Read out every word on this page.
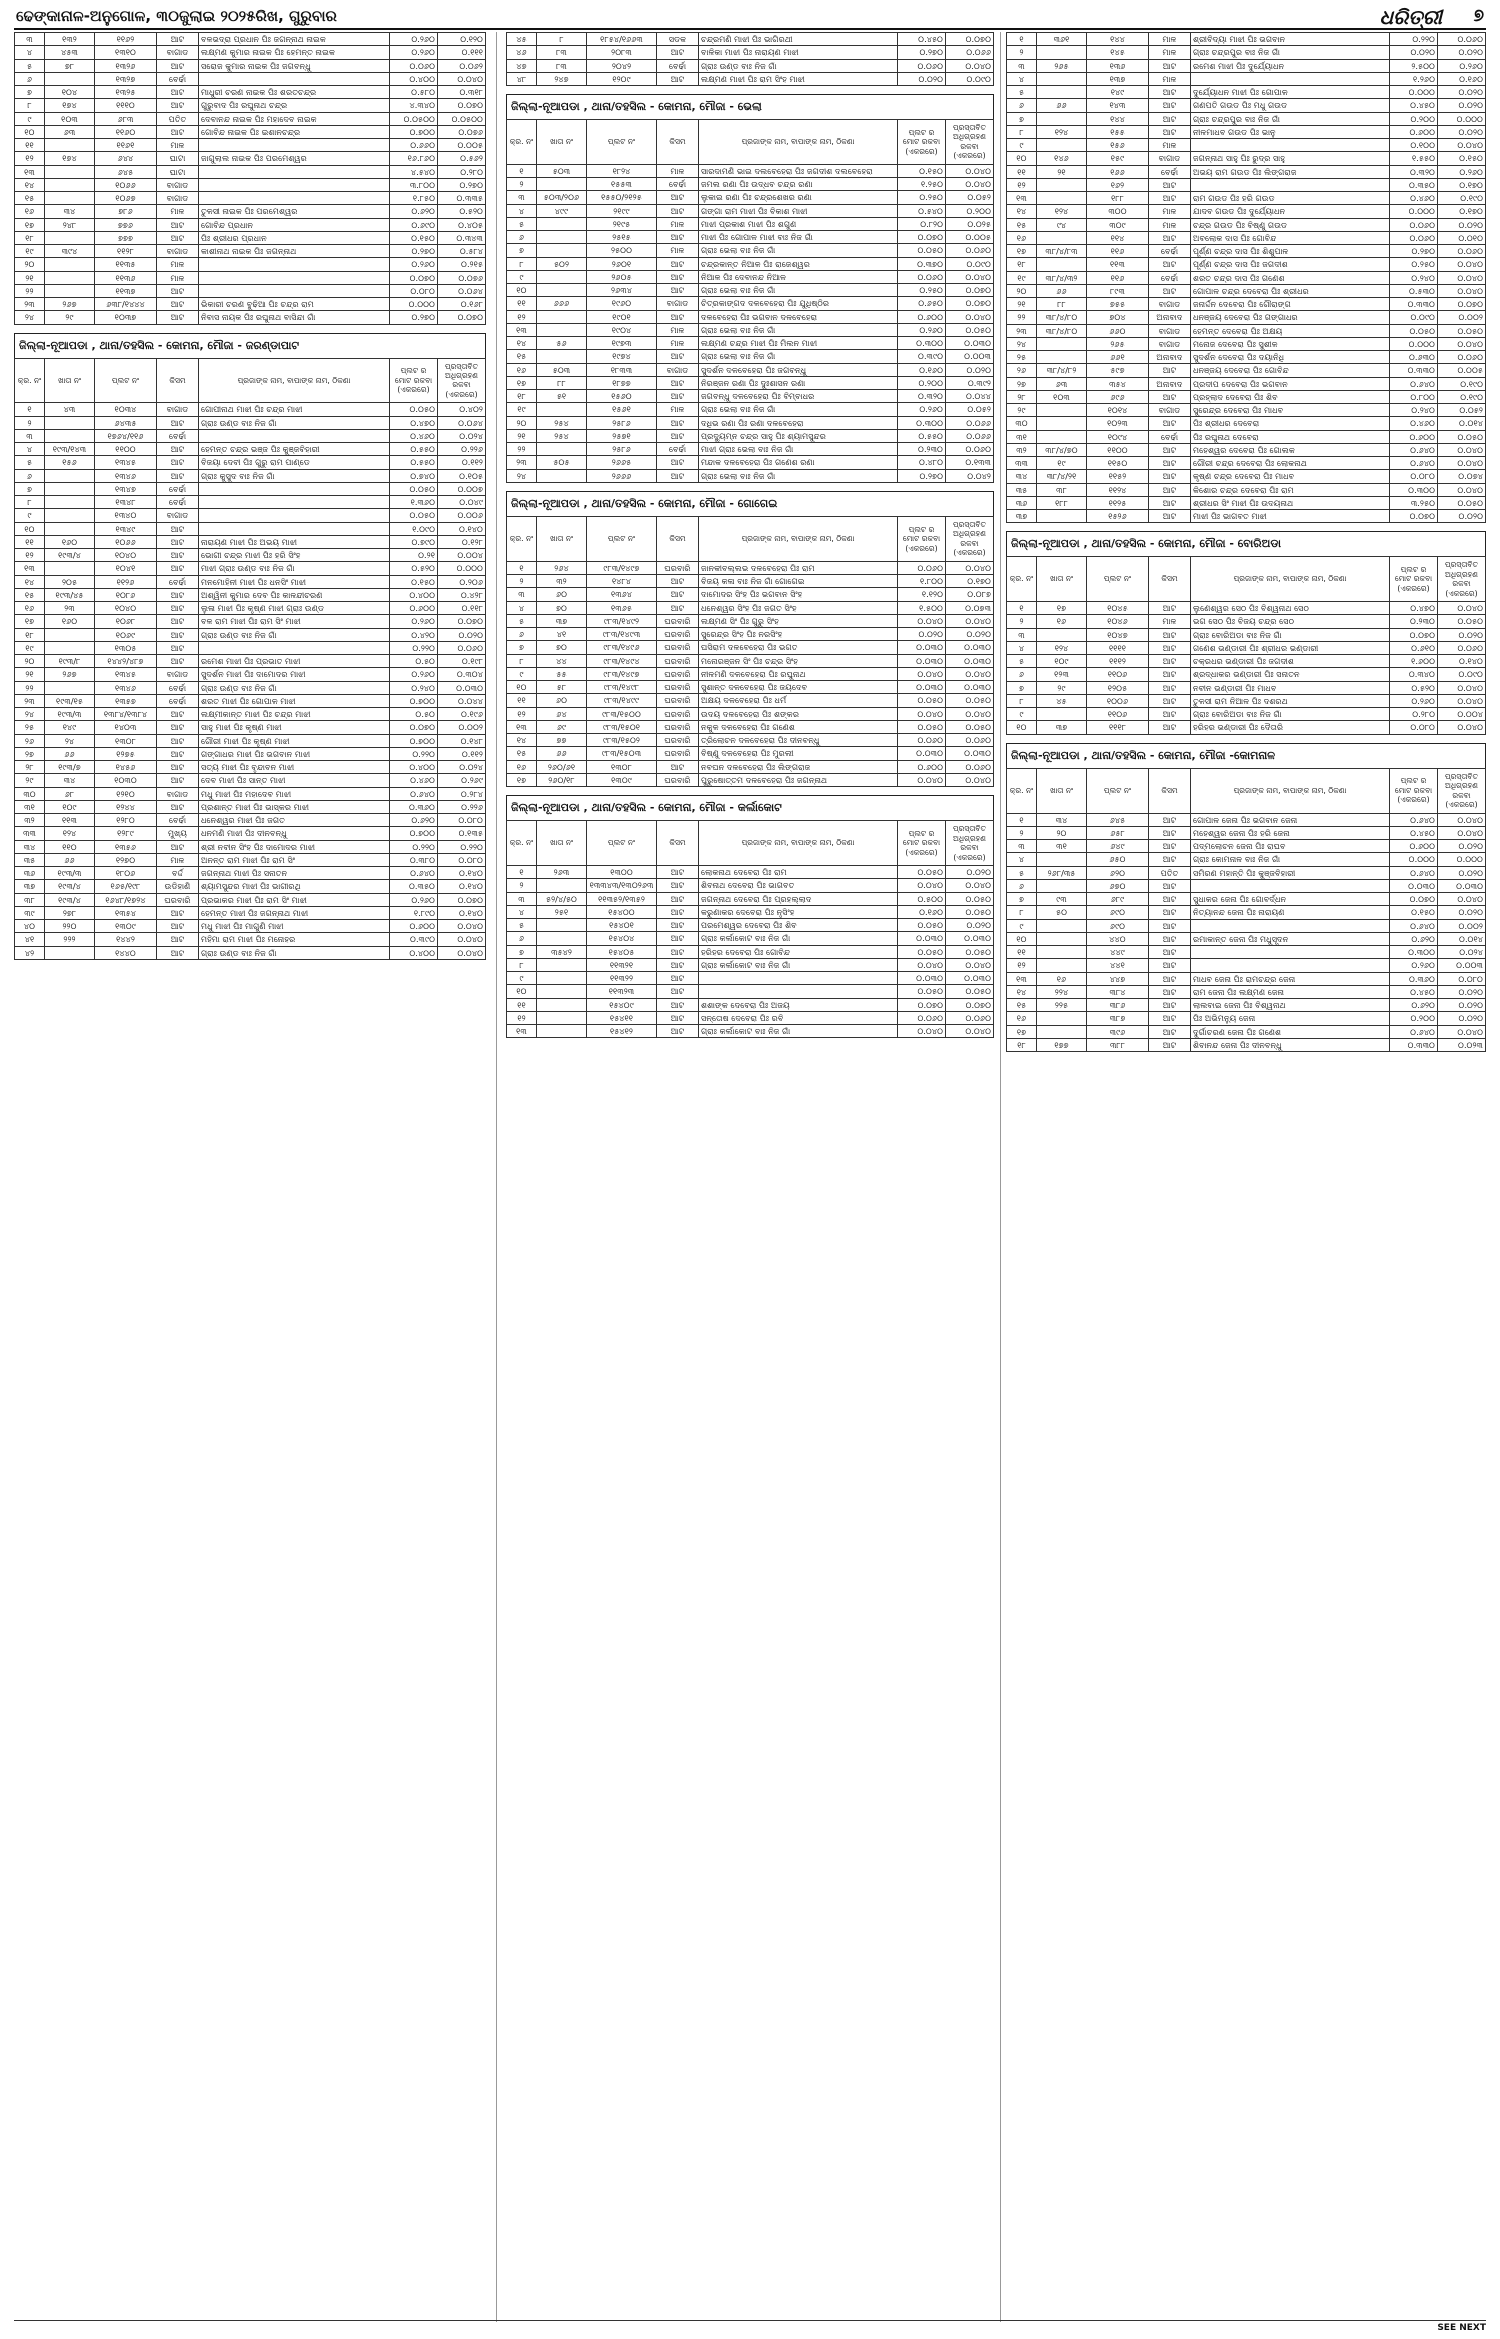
ଢେଙ୍କାନାଳ-ଅନୁଗୋଳ, ୩୦ଜୁଲାଇ ୨୦୨୫ରିଖ, ଗୁରୁବାର	ଧରିତ୍ରୀ ୭
୩	୧୩୨	୧୧୬୨	ଆଟ	ବଳଭଦ୍ରା ପ୍ରଧାନ ପିଃ ଜଗନ୍ନାଥ ନାଇକ	୦.୨୬୦	୦.୧୨୦
୪	୪୫୩	୧୩୧୦	ବାଗାଡ	ଲକ୍ଷ୍ମଣ କୁମାର ନାଇକ ପିଃ ହେମନ୍ତ ନାଇକ	୦.୨୬୦	୦.୧୧୧
୫	୭୮	୧୩୨୬	ଆଟ	ସରୋଜ କୁମାର ନାଇକ ପିଃ ଜଗବନ୍ଧୁ	୦.୦୬୦	୦.୦୬୨
୬		୧୩୨୭	ବେର୍ଢା		୦.୪୦୦	୦.୦୪୦
୭	୧୦୪	୧୩୨୫	ଆଟ	ମାଧୁରୀ ଚରଣ ନାଇକ ପିଃ ଶରତଚନ୍ଦ୍ର	୦.୫୮୦	୦.୩୧୮
୮	୧୭୪	୧୧୧୦	ଆଟ	ଗୁରୁବାଦ ପିଃ ରଘୁନାଥ ଚନ୍ଦ୍ର	୪.୩୪୦	୦.୦୭୦
୯	୧୦୩	୬୮୩	ପତିତ	ଦେବାନନ୍ଦ ନାଇକ ପିଃ ମହାଦେବ ନାଇକ	୦.୦୫୦୦	୦.୦୫୦୦
୧୦	୬୩	୧୧୬୦	ଆଟ	ଗୋବିନ୍ଦ ନାଇକ ପିଃ ଇଶାନଚନ୍ଦ୍ର	୦.୭୦୦	୦.୦୭୬
୧୧		୧୧୬୧	ମାଳ		୦.୬୬୦	୦.୦୦୫
୧୨	୧୭୪	୬୪୪	ଘାଟା	ଜାଗୁଲାଲ ନାଇକ ପିଃ ପରମେଶ୍ୱର	୧୬.୮୬୦	୦.୫୬୨
୧୩		୬୪୫	ଘାଟା		୪.୫୪୦	୦.୨୮୦
୧୪		୧୦୬୬	ବାଗାଡ		୩.୮୦୦	୦.୨୭୦
୧୫		୧୦୬୭	ବାଗାଡ		୧.୮୫୦	୦.୩୩୫
୧୬	୩୪	୭୮୬	ମାଳ	ତୁଳସୀ ନାଇକ ପିଃ ପରମେଶ୍ୱର	୦.୬୨୦	୦.୫୨୦
୧୭	୨୪୮	୭୭୬	ଆଟ	ଗୋବିନ୍ଦ ପ୍ରଧାନ	୦.୬୯୦	୦.୪୦୫
୧୮		୭୭୭	ଆଟ	ପିଃ ଶ୍ରୀଧର ପ୍ରଧାନ	୦.୧୫୦	୦.୩୪୩
୧୯	୩୯୪	୧୧୨୮	ବାଗାଡ	କାଶୀନାଥ ନାଇକ ପିଃ ଜଗନ୍ନାଥ	୦.୨୭୦	୦.୫୮୪
୨୦		୧୧୩୫	ମାଳ		୦.୨୬୦	୦.୨୧୫
୨୧		୧୧୩୬	ମାଳ		୦.୦୭୦	୦.୦୭୬
୨୨		୧୧୩୭	ଆଟ		୦.୦୮୦	୦.୦୬୪
୨୩	୨୬୭	୬୩୮/୧୪୪୪	ଆଟ	ଭିକାରୀ ଚରଣ ବୁଢିଆ ପିଃ ଚନ୍ଦ୍ର ରାମ	୦.୦୦୦	୦.୧୬୮
୨୪	୨୯	୧୦୩୭	ଆଟ	ନିବାସ ନାୟକ ପିଃ ରଘୁନାଥ ବାସିନ୍ଦା ଗାଁ	୦.୨୭୦	୦.୦୭୦
ଜିଲ୍ଲା-ନୂଆପଡା , ଥାନା/ତହସିଲ - କୋମନା, ମୌଜା - ଜରଣ୍ଡାପାଟ
କ୍ର. ନଂ	ଖାତା ନଂ	ପ୍ଲଟ ନଂ	କିସମ	ପ୍ରଜାଙ୍କ ନାମ, ବାପାଙ୍କ ନାମ, ଠିକଣା	ପ୍ଲଟ ର ମୋଟ ରକବା (ଏକରରେ)	ପ୍ରସ୍ତାବିତ ଅଧିଗ୍ରହଣ ରକବା (ଏକରରେ)
୧	୪୩	୧୦୩୪	ବାଗାଡ	ଗୋପୀନାଥ ମାଝୀ ପିଃ ଚନ୍ଦ୍ର ମାଝୀ	୦.୦୫୦	୦.୪୦୨
୨		୬୪୩୫	ଆଟ	ଗ୍ରାଃ ଉଣ୍ଡ ବାଃ ନିଜ ଗାଁ	୦.୪୭୦	୦.୦୬୪
୩		୧୭୬୪/୧୧୬	ବେର୍ଢା		୦.୪୬୦	୦.୦୨୪
୪	୧୯୩/୧୪୩	୧୧୦୦	ଆଟ	ହେମନ୍ତ ଚନ୍ଦ୍ର ଭଞ୍ଜ ପିଃ କୁଞ୍ଜବିହାରୀ	୦.୫୫୦	୦.୨୨୬
୫	୧୫୬	୧୩୪୫	ଆଟ	ବିଜୟା ଦେବୀ ପିଃ ଗୁରୁ ରାମ ପାଣ୍ଡେ	୦.୫୫୦	୦.୧୧୨
୬		୧୩୪୬	ଆଟ	ଗ୍ରାଃ କୁସୁଦ ବାଃ ନିଜ ଗାଁ	୦.୭୪୦	୦.୧୦୫
୭		୧୩୪୭	ବେର୍ଢା		୦.୦୫୦	୦.୦୦୭
୮		୧୩୪୮	ବେର୍ଢା		୧.୩୬୦	୦.୦୪୯
୯		୧୩୪୦	ବାଗାଡ		୦.୦୫୦	୦.୦୦୬
୧୦		୧୩୪୯	ଆଟ		୧.୦୯୦	୦.୧୪୦
୧୧	୧୬୦	୧୦୬୬	ଆଟ	ନାରାୟଣ ମାଝୀ ପିଃ ଅଭୟ ମାଝୀ	୦.୭୯୦	୦.୧୨୮
୧୨	୧୯୩/୪	୧୦୪୦	ଆଟ	ଭୋଗୀ ଚନ୍ଦ୍ର ମାଝୀ ପିଃ ହରି ସିଂହ	୦.୨୧	୦.୦୦୪
୧୩		୧୦୪୧	ଆଟ	ମାଝୀ ଗ୍ରାଃ ଉଣ୍ଡ ବାଃ ନିଜ ଗାଁ	୦.୫୨୦	୦.୦୦୦
୧୪	୨୦୫	୧୧୨୬	ବେର୍ଢା	ମନମୋହିନୀ ମାଝୀ ପିଃ ଧନସିଂ ମାଝୀ	୦.୧୫୦	୦.୨୦୬
୧୫	୧୯୩/୪୫	୧୦୮୬	ଆଟ	ଅଶ୍ୱିନୀ କୁମାର ଦେବ ପିଃ କାଳନ୍ଦୀଚରଣ	୦.୪୦୦	୦.୪୨୮
୧୬	୨୩	୧୦୪୦	ଆଟ	ଲୁଳା ମାଝୀ ପିଃ କୃଷ୍ଣ ମାଝୀ ଗ୍ରାଃ ଉଣ୍ଡ	୦.୬୦୦	୦.୧୧୮
୧୭	୧୬୦	୧୦୬୮	ଆଟ	ବଳ ରାମ ମାଝୀ ପିଃ ରାମ ସିଂ ମାଝୀ	୦.୨୬୦	୦.୦୭୦
୧୮		୧୦୬୯	ଆଟ	ଗ୍ରାଃ ଉଣ୍ଡ ବାଃ ନିଜ ଗାଁ	୦.୪୨୦	୦.୦୨୦
୧୯		୧୩୦୫	ଆଟ		୦.୨୨୦	୦.୦୬୦
୨୦	୧୯୩/୮	୧୪୪୨/୪୮୭	ଆଟ	ରମେଶ ମାଝୀ ପିଃ ପ୍ରଭାତ ମାଝୀ	୦.୫୦	୦.୧୯୮
୨୧	୨୬୭	୧୩୪୫	ବାଗାଡ	ସୁଦର୍ଶନ ମାଝୀ ପିଃ ଦାମୋଦର ମାଝୀ	୦.୨୬୦	୦.୩୦୪
୨୨		୧୩୪୬	ବେର୍ଢା	ଗ୍ରାଃ ଉଣ୍ଡ ବାଃ ନିଜ ଗାଁ	୦.୨୪୦	୦.୦୩୦
୨୩	୧୯୩/୧୫	୧୩୫୭	ବେର୍ଢା	ଶରତ ମାଝୀ ପିଃ ଗୋପାଳ ମାଝୀ	୦.୭୦୦	୦.୦୪୪
୨୪	୧୯୩/୩	୧୩୮୪/୧୩୮୪	ଆଟ	ଲକ୍ଷ୍ମୀକାନ୍ତ ମାଝୀ ପିଃ ଚନ୍ଦ୍ର ମାଝୀ	୦.୫୦	୦.୧୯୬
୨୫	୧୪୯	୧୪୦୩	ଆଟ	ସାହୁ ମାଝୀ ପିଃ କୃଷ୍ଣ ମାଝୀ	୦.୦୭୦	୦.୦୦୨
୨୬	୨୪	୧୩୦୮	ଆଟ	ଗୌରୀ ମାଝୀ ପିଃ କୃଷ୍ଣ ମାଝୀ	୦.୭୦୦	୦.୧୪୮
୨୭	୬୬	୧୨୭୫	ଆଟ	ଗଙ୍ଗାଧର ମାଝୀ ପିଃ ଭଗବାନ ମାଝୀ	୦.୨୨୦	୦.୧୧୨
୨୮	୧୯୩/୭	୧୪୫୬	ଆଟ	ସତ୍ୟ ମାଝୀ ପିଃ ବୃନ୍ଦାବନ ମାଝୀ	୦.୪୦୦	୦.୦୨୪
୨୯	୩୪	୧୦୩୦	ଆଟ	ଦେବ ମାଝୀ ପିଃ ସାନ୍ତ ମାଝୀ	୦.୪୬୦	୦.୨୬୯
୩୦	୬୮	୧୨୧୦	ବାଗାଡ	ମଧୁ ମାଝୀ ପିଃ ମହାଦେବ ମାଝୀ	୦.୬୪୦	୦.୨୮୪
୩୧	୧୦୯	୧୨୪୪	ଆଟ	ପ୍ରଶାନ୍ତ ମାଝୀ ପିଃ ଭାସ୍କର ମାଝୀ	୦.୩୬୦	୦.୨୨୬
୩୨	୧୧୩	୧୨୮୦	ବେର୍ଢା	ଧନେଶ୍ୱର ମାଝୀ ପିଃ ଜଗତ	୦.୬୨୦	୦.୦୮୦
୩୩	୧୨୪	୧୨୮୯	ମୁଖ୍ୟ	ଧନମଣି ମାଝୀ ପିଃ ଦୀନବନ୍ଧୁ	୦.୭୦୦	୦.୧୩୫
୩୪	୧୧୦	୧୩୫୬	ଆଟ	ଶ୍ରୀ ନବୀନ ସିଂହ ପିଃ ଦାମୋଦର ମାଝୀ	୦.୨୨୦	୦.୨୨୦
୩୫	୬୬	୧୨୭୦	ମାଳ	ଅନନ୍ତ ରାମ ମାଝୀ ପିଃ ରାମ ସିଂ	୦.୩୮୦	୦.୦୮୦
୩୬	୧୯୩/୩	୧୮୦୬	ବର୍ଦ୍ଦ	ଜଗନ୍ନାଥ ମାଝୀ ପିଃ ସନାତନ	୦.୬୪୦	୦.୧୪୦
୩୭	୧୯୩/୪	୧୬୫/୧୯୮	ଉଡିହାଣି	ଶ୍ୟାମସୁନ୍ଦର ମାଝୀ ପିଃ ଭାଗୀରଥି	୦.୩୫୦	୦.୧୪୦
୩୮	୧୯୩/୪	୧୬୪୮/୧୭୨୪	ଘରବାରି	ପ୍ରଭାକର ମାଝୀ ପିଃ ରାମ ସିଂ ମାଝୀ	୦.୨୬୦	୦.୦୭୦
୩୯	୨୭୮	୧୩୫୪	ଆଟ	ହେମନ୍ତ ମାଝୀ ପିଃ ଜଗନ୍ନାଥ ମାଝୀ	୧.୮୯୦	୦.୧୪୦
୪୦	୨୨୦	୧୩୦୯	ଆଟ	ମଧୁ ମାଝୀ ପିଃ ମାଗୁଣି ମାଝୀ	୦.୬୦୦	୦.୦୪୦
୪୧	୨୨୨	୧୪୪୨	ଆଟ	ମହିମା ରାମ ମାଝୀ ପିଃ ମନୋହର	୦.୩୯୦	୦.୦୪୦
୪୨		୧୪୪୦	ଆଟ	ଗ୍ରାଃ ଉଣ୍ଡ ବାଃ ନିଜ ଗାଁ	୦.୪୦୦	୦.୦୪୦
୪୫	୮	୧୮୫୪/୧୬୬୩	ସଡକ	ଚନ୍ଦ୍ରମଣି ମାଝୀ ପିଃ ଭାଗିରଥୀ	୦.୪୫୦	୦.୦୭୦
୪୬	୮୩	୨୦୮୩	ଆଟ	ବାଳିକା ମାଝୀ ପିଃ ନାରାୟଣ ମାଝୀ	୦.୨୭୦	୦.୦୬୬
୪୭	୮୩	୨୦୪୨	ବେର୍ଢା	ଗ୍ରାଃ ଉଣ୍ଡ ବାଃ ନିଜ ଗାଁ	୦.୦୬୦	୦.୦୪୦
୪୮	୨୪୭	୧୨୦୯	ଆଟ	ଲକ୍ଷ୍ମଣ ମାଝୀ ପିଃ ରାମ ସିଂହ ମାଝୀ	୦.୦୨୦	୦.୦୯୦
ଜିଲ୍ଲା-ନୂଆପଡା , ଥାନା/ତହସିଲ - କୋମନା, ମୌଜା - ଭେଲା
କ୍ର. ନଂ	ଖାତା ନଂ	ପ୍ଲଟ ନଂ	କିସମ	ପ୍ରଜାଙ୍କ ନାମ, ବାପାଙ୍କ ନାମ, ଠିକଣା	ପ୍ଲଟ ର ମୋଟ ରକବା (ଏକରରେ)	ପ୍ରସ୍ତାବିତ ଅଧିଗ୍ରହଣ ରକବା (ଏକରରେ)
୧	୫୦୩	୧୮୨୪	ମାଳ	ସାରଦାମଣି ଭାଇ ଦଲବେହେରା ପିଃ ଜଗଦୀଶ ଦଲବେହେରା	୦.୧୫୦	୦.୦୪୦
୨		୧୫୫୩	ବେର୍ଢା	ଜମଲ ରଣା ପିଃ ଉଦ୍ଧବ ଚନ୍ଦ୍ର ରଣା	୧.୨୫୦	୦.୦୪୦
୩	୫୦୩/୨୦୬	୧୫୫୦/୨୧୨୫	ଆଟ	ଲୁକାଇ ରଣା ପିଃ ଚନ୍ଦ୍ରଶେଖର ରଣା	୦.୨୫୦	୦.୦୫୨
୪	୪୯୯	୨୧୯୯	ଆଟ	ଗଙ୍ଗା ରାମ ମାଝୀ ପିଃ ବିକାଶ ମାଝୀ	୦.୫୪୦	୦.୨୦୦
୫		୨୧୯୫	ମାଳ	ମାଝୀ ପ୍ରକାଶ ମାଝୀ ପିଃ ଶଗୁଣ	୦.୮୨୦	୦.୦୨୫
୬		୨୫୧୫	ଆଟ	ମାଝୀ ପିଃ ଗୋପାଳ ମାଝୀ ବାଃ ନିଜ ଗାଁ	୦.୦୭୦	୦.୦୦୫
୭		୨୫୦୦	ମାଳ	ଗ୍ରାଃ ଭେଲା ବାଃ ନିଜ ଗାଁ	୦.୦୫୦	୦.୦୬୦
୮	୫୦୨	୨୬୦୧	ଆଟ	ଚନ୍ଦ୍ରକାନ୍ତ ନିଆଳ ପିଃ ରାଜେଶ୍ୱର	୦.୩୭୦	୦.୦୯୦
୯		୨୬୦୫	ଆଟ	ନିଆଳ ପିଃ ଦେବାନନ୍ଦ ନିଆଳ	୦.୦୬୦	୦.୦୪୦
୧୦		୨୬୩୪	ଆଟ	ଗ୍ରାଃ ଭେଲା ବାଃ ନିଜ ଗାଁ	୦.୨୫୦	୦.୦୭୦
୧୧	୬୬୬	୧୯୬୦	ବାଗାଡ	ଚିତ୍ରକାଙ୍ଗଦ ଦଳବେହେରା ପିଃ ଯୁଧିଷ୍ଠିର	୦.୬୫୦	୦.୦୭୦
୧୨		୧୯୦୧	ଆଟ	ଦଳବେହେରା ପିଃ ଭଗବାନ ଦଳବେହେରା	୦.୬୦୦	୦.୦୪୦
୧୩		୧୯୦୪	ମାଳ	ଗ୍ରାଃ ଭେଲା ବାଃ ନିଜ ଗାଁ	୦.୨୬୦	୦.୦୫୦
୧୪	୫୬	୧୯୭୩	ମାଳ	ଲକ୍ଷ୍ମଣ ଚନ୍ଦ୍ର ମାଝୀ ପିଃ ମିଲନ ମାଝୀ	୦.୩୦୦	୦.୦୩୦
୧୫		୧୯୭୪	ଆଟ	ଗ୍ରାଃ ଭେଲା ବାଃ ନିଜ ଗାଁ	୦.୩୯୦	୦.୦୦୩
୧୬	୫୦୩	୧୮୩୩	ବାଗାଡ	ସୁଦର୍ଶନ ଦଳବେହେରା ପିଃ ଜଗବନ୍ଧୁ	୦.୧୬୦	୦.୦୨୦
୧୭	୮୮	୧୮୭୭	ଆଟ	ନିରଞ୍ଜନ ରଣା ପିଃ ଦୁଃଶାସନ ରଣା	୦.୨୦୦	୦.୩୯୨
୧୮	୫୧	୧୫୬୦	ଆଟ	ଜଗବନ୍ଧୁ ଦଳବେହେରା ପିଃ ବିମ୍ବାଧର	୦.୩୨୦	୦.୦୪୪
୧୯		୧୫୬୧	ମାଳ	ଗ୍ରାଃ ଭେଲା ବାଃ ନିଜ ଗାଁ	୦.୨୬୦	୦.୦୫୨
୨୦	୨୫୪	୨୫୮୬	ଆଟ	ଦଧିଭ ରଣା ପିଃ ରଣା ଦଳବେହେରା	୦.୩୦୦	୦.୦୬୬
୨୧	୨୫୪	୨୫୭୧	ଆଟ	ପ୍ରଦ୍ୟୁମ୍ନ ଚନ୍ଦ୍ର ସାହୁ ପିଃ ଶ୍ୟାମସୁନ୍ଦର	୦.୫୫୦	୦.୦୬୬
୨୨		୨୫୮୬	ବେର୍ଢା	ମାଝୀ ଗ୍ରାଃ ଭେଲା ବାଃ ନିଜ ଗାଁ	୦.୨୩୦	୦.୦୬୦
୨୩	୫୦୫	୨୬୬୫	ଆଟ	ମନ୍ଦାକ ଦଳବେହେରା ପିଃ ଗଣେଶ ରଣା	୦.୪୮୦	୦.୧୩୩
୨୪		୨୬୬୬	ଆଟ	ଗ୍ରାଃ ଭେଲା ବାଃ ନିଜ ଗାଁ	୦.୨୭୦	୦.୦୪୨
ଜିଲ୍ଲା-ନୂଆପଡା , ଥାନା/ତହସିଲ - କୋମନା, ମୌଜା - ଗୋଗେଇ
କ୍ର. ନଂ	ଖାତା ନଂ	ପ୍ଲଟ ନଂ	କିସମ	ପ୍ରଜାଙ୍କ ନାମ, ବାପାଙ୍କ ନାମ, ଠିକଣା	ପ୍ଲଟ ର ମୋଟ ରକବା (ଏକରରେ)	ପ୍ରସ୍ତାବିତ ଅଧିଗ୍ରହଣ ରକବା (ଏକରରେ)
୧	୨୬୪	୯୮୩/୧୪୯୭	ଘରବାରି	ଜାନକୀବଲ୍ଲଭ ଦଳବେହେରା ପିଃ ରାମ	୦.୦୬୦	୦.୦୪୦
୨	୩୨	୧୪୮୪	ଆଟ	ବିଜୟ କଳା ବାଃ ନିଜ ଗାଁ ଗୋଗେଇ	୧.୮୦୦	୦.୧୭୦
୩	୬୦	୧୩୬୪	ଆଟ	ଦାମୋଦର ସିଂହ ପିଃ ଭଗବାନ ସିଂହ	୧.୧୨୦	୦.୦୮୭
୪	୭୦	୧୩୬୫	ଆଟ	ଧନେଶ୍ୱର ସିଂହ ପିଃ ଜଗତ ସିଂହ	୧.୫୦୦	୦.୦୭୩
୫	୩୭	୯୮୩/୧୪୯୨	ଘରବାରି	ଲକ୍ଷ୍ମଣ ସିଂ ପିଃ ଗୁରୁ ସିଂହ	୦.୦୪୦	୦.୦୪୦
୬	୪୧	୯୮୩/୧୪୯୩	ଘରବାରି	ସୁରେନ୍ଦ୍ର ସିଂହ ପିଃ ନରସିଂହ	୦.୦୨୦	୦.୦୨୦
୭	୭୦	୯୮୩/୧୪୯୬	ଘରବାରି	ଘସିରାମ ଦଳବେହେରା ପିଃ ଭଗତ	୦.୦୩୦	୦.୦୩୦
୮	୪୪	୯୮୩/୧୪୯୪	ଘରବାରି	ମନୋରଞ୍ଜନ ସିଂ ପିଃ ଚନ୍ଦ୍ର ସିଂହ	୦.୦୩୦	୦.୦୩୦
୯	୫୫	୯୮୩/୧୪୯୭	ଘରବାରି	ନୀଳମଣି ଦଳବେହେରା ପିଃ ରଘୁନାଥ	୦.୦୪୦	୦.୦୪୦
୧୦	୫୮	୯୮୩/୧୪୯୮	ଘରବାରି	ସୁଶାନ୍ତ ଦଳବେହେରା ପିଃ ଜୟଦେବ	୦.୦୩୦	୦.୦୩୦
୧୧	୬୦	୯୮୩/୧୪୯୯	ଘରବାରି	ଅକ୍ଷୟ ଦଳବେହେରା ପିଃ ଧର୍ମ	୦.୦୫୦	୦.୦୫୦
୧୨	୬୪	୯୮୩/୧୫୦୦	ଘରବାରି	ଉଦୟ ଦଳବେହେରା ପିଃ ଶଙ୍କର	୦.୦୪୦	୦.୦୪୦
୧୩	୬୯	୯୮୩/୧୫୦୧	ଘରବାରି	ନକୁଳ ଦଳବେହେରା ପିଃ ଗଣେଶ	୦.୦୫୦	୦.୦୫୦
୧୪	୭୭	୯୮୩/୧୫୦୨	ଘରବାରି	ତ୍ରିଲୋଚନ ଦଳବେହେରା ପିଃ ଦୀନବନ୍ଧୁ	୦.୦୬୦	୦.୦୬୦
୧୫	୬୬	୯୮୩/୧୫୦୩	ଘରବାରି	ବିଷ୍ଣୁ ଦଳବେହେରା ପିଃ ମୁରଲୀ	୦.୦୩୦	୦.୦୩୦
୧୬	୨୬୦/୬୧	୧୩୦୮	ଆଟ	ନବଘନ ଦଳବେହେରା ପିଃ ଲିଙ୍ଗରାଜ	୦.୬୦୦	୦.୦୬୦
୧୭	୨୬୦/୧୮	୧୩୦୯	ଘରବାରି	ପୁରୁଷୋତ୍ତମ ଦଳବେହେରା ପିଃ ଜଗନ୍ନାଥ	୦.୦୪୦	୦.୦୪୦
ଜିଲ୍ଲା-ନୂଆପଡା , ଥାନା/ତହସିଲ - କୋମନା, ମୌଜା - କର୍ଲାକୋଟ
କ୍ର. ନଂ	ଖାତା ନଂ	ପ୍ଲଟ ନଂ	କିସମ	ପ୍ରଜାଙ୍କ ନାମ, ବାପାଙ୍କ ନାମ, ଠିକଣା	ପ୍ଲଟ ର ମୋଟ ରକବା (ଏକରରେ)	ପ୍ରସ୍ତାବିତ ଅଧିଗ୍ରହଣ ରକବା (ଏକରରେ)
୧	୨୬୩	୧୩୦୦	ଆଟ	ଲୋକନାଥ ଦେବେରା ପିଃ ରାମ	୦.୦୫୦	୦.୦୨୦
୨		୧୩୩୪୩/୧୩୦୨୬୩	ଆଟ	ଶିବନାଥ ଦେବେରା ପିଃ ଭାଗବତ	୦.୦୪୦	୦.୦୪୦
୩	୫୨/୪/୫୦	୧୧୩୫୨/୧୩୫୨	ଆଟ	ଜଗନ୍ନାଥ ଦେବେରା ପିଃ ପ୍ରହଲ୍ଲାଦ	୦.୫୦୦	୦.୦୫୦
୪	୨୫୧	୧୫୪୦୦	ଆଟ	କରୁଣାକର ଦେବେରା ପିଃ ନୃସିଂହ	୦.୧୬୦	୦.୦୫୦
୫		୧୫୪୦୧	ଆଟ	ପରମେଶ୍ୱର ଦେବେରା ପିଃ ଶିବ	୦.୦୫୦	୦.୦୨୦
୬		୧୫୪୦୪	ଆଟ	ଗ୍ରାଃ କର୍ଲାକୋଟ ବାଃ ନିଜ ଗାଁ	୦.୦୩୦	୦.୦୩୦
୭	୩୫୪୨	୧୫୪୦୫	ଆଟ	ହରିହର ଦେବେରା ପିଃ ଗୋବିନ୍ଦ	୦.୦୫୦	୦.୦୫୦
୮		୧୧୩୨୧	ଆଟ	ଗ୍ରାଃ କର୍ଲାକୋଟ ବାଃ ନିଜ ଗାଁ	୦.୦୪୦	୦.୦୪୦
୯		୧୧୩୨୨	ଆଟ		୦.୦୩୦	୦.୦୩୦
୧୦		୧୧୩୨୩	ଆଟ		୦.୦୫୦	୦.୦୫୦
୧୧		୧୫୪୦୯	ଆଟ	ଶଶାଙ୍କ ଦେବେରା ପିଃ ଅଜୟ	୦.୦୭୦	୦.୦୭୦
୧୨		୧୫୪୧୧	ଆଟ	ସନ୍ତୋଷ ଦେବେରା ପିଃ ରବି	୦.୦୬୦	୦.୦୬୦
୧୩		୧୫୪୧୨	ଆଟ	ଗ୍ରାଃ କର୍ଲାକୋଟ ବାଃ ନିଜ ଗାଁ	୦.୦୪୦	୦.୦୪୦
୧	୩୬୧	୧୪୪	ମାଳ	ଶ୍ରୀବିଦ୍ୟା ମାଝୀ ପିଃ ଭଗବାନ	୦.୨୨୦	୦.୦୬୦
୨		୧୪୫	ମାଳ	ଗ୍ରାଃ ଚନ୍ଦ୍ରପୁର ବାଃ ନିଜ ଗାଁ	୦.୦୨୦	୦.୦୨୦
୩	୨୬୫	୧୩୬	ଆଟ	ରମେଶ ମାଝୀ ପିଃ ଦୁର୍ଯ୍ୟୋଧନ	୨.୫୦୦	୦.୨୬୦
୪		୧୩୭	ମାଳ		୧.୨୬୦	୦.୧୬୦
୫		୧୪୯	ଆଟ	ଦୁର୍ଯ୍ୟୋଧନ ମାଝୀ ପିଃ ଗୋପାଳ	୦.୦୦୦	୦.୦୨୦
୬	୬୬	୧୪୩	ଆଟ	ଗଣପତି ଗଉଡ ପିଃ ମଧୁ ଗଉଡ	୦.୪୫୦	୦.୦୨୦
୭		୧୪୪	ଆଟ	ଗ୍ରାଃ ଚନ୍ଦ୍ରପୁର ବାଃ ନିଜ ଗାଁ	୦.୨୦୦	୦.୦୦୦
୮	୧୨୪	୧୫୫	ଆଟ	ନୀଳମାଧବ ଗଉଡ ପିଃ ଭାନୁ	୦.୬୦୦	୦.୦୨୦
୯		୧୫୬	ମାଳ		୦.୧୦୦	୦.୦୪୦
୧୦	୧୪୬	୧୫୯	ବାଗାଡ	ଜଗନ୍ନାଥ ସାହୁ ପିଃ ରୁଦ୍ର ସାହୁ	୧.୫୫୦	୦.୧୫୦
୧୧	୨୧	୧୬୬	ବେର୍ଢା	ଅଭୟ ରାମ ଗଉଡ ପିଃ ଲିଙ୍ଗରାଜ	୦.୩୨୦	୦.୨୬୦
୧୨		୧୬୨	ଆଟ		୦.୩୫୦	୦.୧୭୦
୧୩		୧୮୮	ଆଟ	ରାମ ଗଉଡ ପିଃ ହରି ଗଉଡ	୦.୪୬୦	୦.୧୯୦
୧୪	୧୨୪	୩୦୦	ମାଳ	ଯାଦବ ଗଉଡ ପିଃ ଦୁର୍ଯ୍ୟୋଧନ	୦.୦୦୦	୦.୧୭୦
୧୫	୯୪	୩୦୯	ମାଳ	ଚନ୍ଦ୍ର ଗଉଡ ପିଃ ବିଷ୍ଣୁ ଗଉଡ	୦.୦୬୦	୦.୦୨୦
୧୬		୧୧୪	ଆଟ	ଅବଲୋକ ଦାସ ପିଃ ଗୋବିନ୍ଦ	୦.୦୬୦	୦.୦୧୦
୧୭	୩୮/୪/୮୩	୧୧୬	ବେର୍ଢା	ପୂର୍ଣ୍ଣ ଚନ୍ଦ୍ର ଦାସ ପିଃ ଶିଶୁପାଳ	୦.୨୭୦	୦.୦୬୦
୧୮		୧୧୩	ଆଟ	ପୂର୍ଣ୍ଣ ଚନ୍ଦ୍ର ଦାସ ପିଃ ଜଗଦୀଶ	୦.୨୫୦	୦.୦୪୦
୧୯	୩୮/୪/୩୨	୧୧୬	ବେର୍ଢା	ଶରତ ଚନ୍ଦ୍ର ଦାସ ପିଃ ଗଣେଶ	୦.୨୪୦	୦.୦୪୦
୨୦	୬୬	୮୯୩	ଆଟ	ଗୋପାଳ ଚନ୍ଦ୍ର ଦେବେରା ପିଃ ଶ୍ରୀଧର	୦.୫୩୦	୦.୦୪୦
୨୧	୮୮	୭୫୫	ବାଗାଡ	ଜନାର୍ଦ୍ଦନ ଦେବେରା ପିଃ ଗୌରାଙ୍ଗ	୦.୩୩୦	୦.୦୭୦
୨୨	୩୮/୪/୮୦	୭୦୪	ଅନାବାଦ	ଧନଞ୍ଜୟ ଦେବେରା ପିଃ ଗଙ୍ଗାଧର	୦.୦୯୦	୦.୦୦୨
୨୩	୩୮/୪/୮୦	୬୬୦	ବାଗାଡ	ହେମନ୍ତ ଦେବେରା ପିଃ ଅକ୍ଷୟ	୦.୦୫୦	୦.୦୫୦
୨୪		୨୬୫	ବାଗାଡ	ମନୋଜ ଦେବେରା ପିଃ ସୁଶୀଳ	୦.୦୦୦	୦.୦୪୦
୨୫		୬୬୧	ଅନାବାଦ	ସୁଦର୍ଶନ ଦେବେରା ପିଃ ଦୟାନିଧି	୦.୬୩୦	୦.୦୬୦
୨୬	୩୮/୪/୮୨	୫୯୭	ଆଟ	ଧନଞ୍ଜୟ ଦେବେରା ପିଃ ଗୋବିନ୍ଦ	୦.୩୩୦	୦.୦୦୫
୨୭	୬୩	୩୫୪	ଅନାବାଦ	ପ୍ରଦୀପ ଦେବେରା ପିଃ ଭଗବାନ	୦.୬୪୦	୦.୧୯୦
୨୮	୧୦୩	୬୯୬	ଆଟ	ପ୍ରହ୍ଲାଦ ଦେବେରା ପିଃ ଶିବ	୦.୮୦୦	୦.୧୯୦
୨୯		୧୦୧୪	ବାଗାଡ	ସୁରେନ୍ଦ୍ର ଦେବେରା ପିଃ ମାଧବ	୦.୨୪୦	୦.୦୫୨
୩୦		୧୦୨୩	ଆଟ	ପିଃ ଶ୍ରୀଧର ଦେବେରା	୦.୪୬୦	୦.୦୧୪
୩୧		୧୦୯୪	ବେର୍ଢା	ପିଃ ରଘୁନାଥ ଦେବେରା	୦.୬୦୦	୦.୦୫୦
୩୨	୩୮/୪/୭୦	୧୧୦୦	ଆଟ	ମହେଶ୍ୱର ଦେବେରା ପିଃ ଗୋଲକ	୦.୬୪୦	୦.୦୪୦
୩୩	୧୯	୧୧୫୦	ଆଟ	ଗୌରୀ ଚନ୍ଦ୍ର ଦେବେରା ପିଃ ଲୋକନାଥ	୦.୬୪୦	୦.୦୪୦
୩୪	୩୮/୪/୨୧	୧୧୫୨	ଆଟ	କୃଷ୍ଣ ଚନ୍ଦ୍ର ଦେବେରା ପିଃ ମାଧବ	୦.୦୮୦	୦.୦୭୪
୩୫	୩୮	୧୧୨୪	ଆଟ	କିଶୋର ଚନ୍ଦ୍ର ଦେବେରା ପିଃ ରାମ	୦.୩୦୦	୦.୦୪୦
୩୬	୧୮୮	୧୧୨୫	ଆଟ	ଶ୍ରୀଧର ସିଂ ମାଝୀ ପିଃ ଉଦୟନାଥ	୩.୨୫୦	୦.୦୫୦
୩୭		୧୫୨୬	ଆଟ	ମାଝୀ ପିଃ ଭାଗବତ ମାଝୀ	୦.୦୭୦	୦.୦୨୦
ଜିଲ୍ଲା-ନୂଆପଡା , ଥାନା/ତହସିଲ - କୋମନା, ମୌଜା - ବୋରିଅଡା
କ୍ର. ନଂ	ଖାତା ନଂ	ପ୍ଲଟ ନଂ	କିସମ	ପ୍ରଜାଙ୍କ ନାମ, ବାପାଙ୍କ ନାମ, ଠିକଣା	ପ୍ଲଟ ର ମୋଟ ରକବା (ଏକରରେ)	ପ୍ରସ୍ତାବିତ ଅଧିଗ୍ରହଣ ରକବା (ଏକରରେ)
୧	୧୭	୧୦୪୫	ଆଟ	ଲୁଣେଶ୍ୱର ସେଠ ପିଃ ବିଶ୍ୱନାଥ ସେଠ	୦.୪୭୦	୦.୦୪୦
୨	୧୬	୧୦୪୬	ମାଳ	ଭଗ ସେଠ ପିଃ ବିଜୟ ଚନ୍ଦ୍ର ସେଠ	୦.୨୩୦	୦.୦୫୦
୩		୧୦୪୭	ଆଟ	ଗ୍ରାଃ ବୋରିଅଡା ବାଃ ନିଜ ଗାଁ	୦.୦୭୦	୦.୦୨୦
୪	୧୨୪	୧୧୧୧	ଆଟ	ଗଣେଶ ଭଣ୍ଡାରୀ ପିଃ ଶ୍ରୀଧର ଭଣ୍ଡାରୀ	୦.୬୧୦	୦.୦୬୦
୫	୧୦୯	୧୧୧୨	ଆଟ	ଚକ୍ରଧର ଭଣ୍ଡାରୀ ପିଃ ଜଗଦୀଶ	୧.୬୦୦	୦.୧୪୦
୬	୧୨୩	୧୧୦୬	ଆଟ	ଶ୍ରଦ୍ଧାକର ଭଣ୍ଡାରୀ ପିଃ ସନାତନ	୦.୩୪୦	୦.୦୯୦
୭	୨୯	୧୨୦୫	ଆଟ	ନବୀନ ଭଣ୍ଡାରୀ ପିଃ ମାଧବ	୦.୫୨୦	୦.୦୪୦
୮	୪୫	୧୦୦୬	ଆଟ	ତୁଳସୀ ରାମ ନିଆଳ ପିଃ ଦଶରଥ	୦.୨୬୦	୦.୦୪୦
୯		୧୧୦୬	ଆଟ	ଗ୍ରାଃ ବୋରିଅଡା ବାଃ ନିଜ ଗାଁ	୦.୨୮୦	୦.୦୦୪
୧୦	୩୭	୧୧୧୮	ଆଟ	ହରିହର ଭଣ୍ଡାରୀ ପିଃ ଦୈତାରି	୦.୦୮୦	୦.୦୪୦
ଜିଲ୍ଲା-ନୂଆପଡା , ଥାନା/ତହସିଲ - କୋମନା, ମୌଜା -କୋମନାଳ
କ୍ର. ନଂ	ଖାତା ନଂ	ପ୍ଲଟ ନଂ	କିସମ	ପ୍ରଜାଙ୍କ ନାମ, ବାପାଙ୍କ ନାମ, ଠିକଣା	ପ୍ଲଟ ର ମୋଟ ରକବା (ଏକରରେ)	ପ୍ରସ୍ତାବିତ ଅଧିଗ୍ରହଣ ରକବା (ଏକରରେ)
୧	୩୪	୬୪୫	ଆଟ	ଗୋପାଳ ଜେନା ପିଃ ଭଗବାନ ଜେନା	୦.୬୪୦	୦.୦୪୦
୨	୨୦	୬୫୮	ଆଟ	ମହେଶ୍ୱର ଜେନା ପିଃ ହରି ଜେନା	୦.୪୫୦	୦.୦୪୦
୩	୩୧	୬୪୯	ଆଟ	ପଦ୍ମଲୋଚନ ଜେନା ପିଃ ରାଘବ	୦.୬୦୦	୦.୦୨୦
୪		୬୫୦	ଆଟ	ଗ୍ରାଃ କୋମନାଳ ବାଃ ନିଜ ଗାଁ	୦.୦୦୦	୦.୦୦୦
୫	୨୬୮/୩୫	୬୨୦	ପତିତ	ସମିରଣ ମହାନ୍ତି ପିଃ କୁଞ୍ଜବିହାରୀ	୦.୬୪୦	୦.୦୨୦
୬		୬୭୦	ଆଟ		୦.୦୩୦	୦.୦୩୦
୭	୯୩	୬୮୯	ଆଟ	ସୁଧାକର ଜେନା ପିଃ ଗୋବର୍ଦ୍ଧନ	୦.୦୭୦	୦.୦୪୦
୮	୫୦	୬୯୦	ଆଟ	ନିତ୍ୟାନନ୍ଦ ଜେନା ପିଃ ନାରାୟଣ	୦.୧୫୦	୦.୦୨୦
୯		୬୯୦	ଆଟ		୦.୬୪୦	୦.୦୦୨
୧୦		୪୪୦	ଆଟ	ରମାକାନ୍ତ ଜେନା ପିଃ ମଧୁସୂଦନ	୦.୬୨୦	୦.୦୧୪
୧୧		୪୪୯	ଆଟ		୦.୩୦୦	୦.୦୨୪
୧୨		୪୪୧	ଆଟ		୦.୨୬୦	୦.୦୦୩
୧୩	୧୬	୪୪୭	ଆଟ	ମାଧବ ଜେନା ପିଃ ରାମଚନ୍ଦ୍ର ଜେନା	୦.୩୬୦	୦.୦୮୦
୧୪	୨୨୪	୩୮୪	ଆଟ	ରାମ ଜେନା ପିଃ ଲକ୍ଷ୍ମଣ ଜେନା	୦.୪୫୦	୦.୦୨୦
୧୫	୨୨୫	୩୮୬	ଆଟ	ଲାଲବାଇ ଜେନା ପିଃ ବିଶ୍ୱନାଥ	୦.୬୨୦	୦.୦୨୦
୧୬		୩୮୭	ଆଟ	ପିଃ ଅଭିମନ୍ୟୁ ଜେନା	୦.୨୦୦	୦.୦୨୦
୧୭		୩୯୬	ଆଟ	ଦୁର୍ଗାଚରଣ ଜେନା ପିଃ ଗଣେଶ	୦.୬୪୦	୦.୦୪୦
୧୮	୧୭୭	୩୮୮	ଆଟ	ଶିବାନନ୍ଦ ଜେନା ପିଃ ଦୀନବନ୍ଧୁ	୦.୩୩୦	୦.୦୨୩
SEE NEXT
